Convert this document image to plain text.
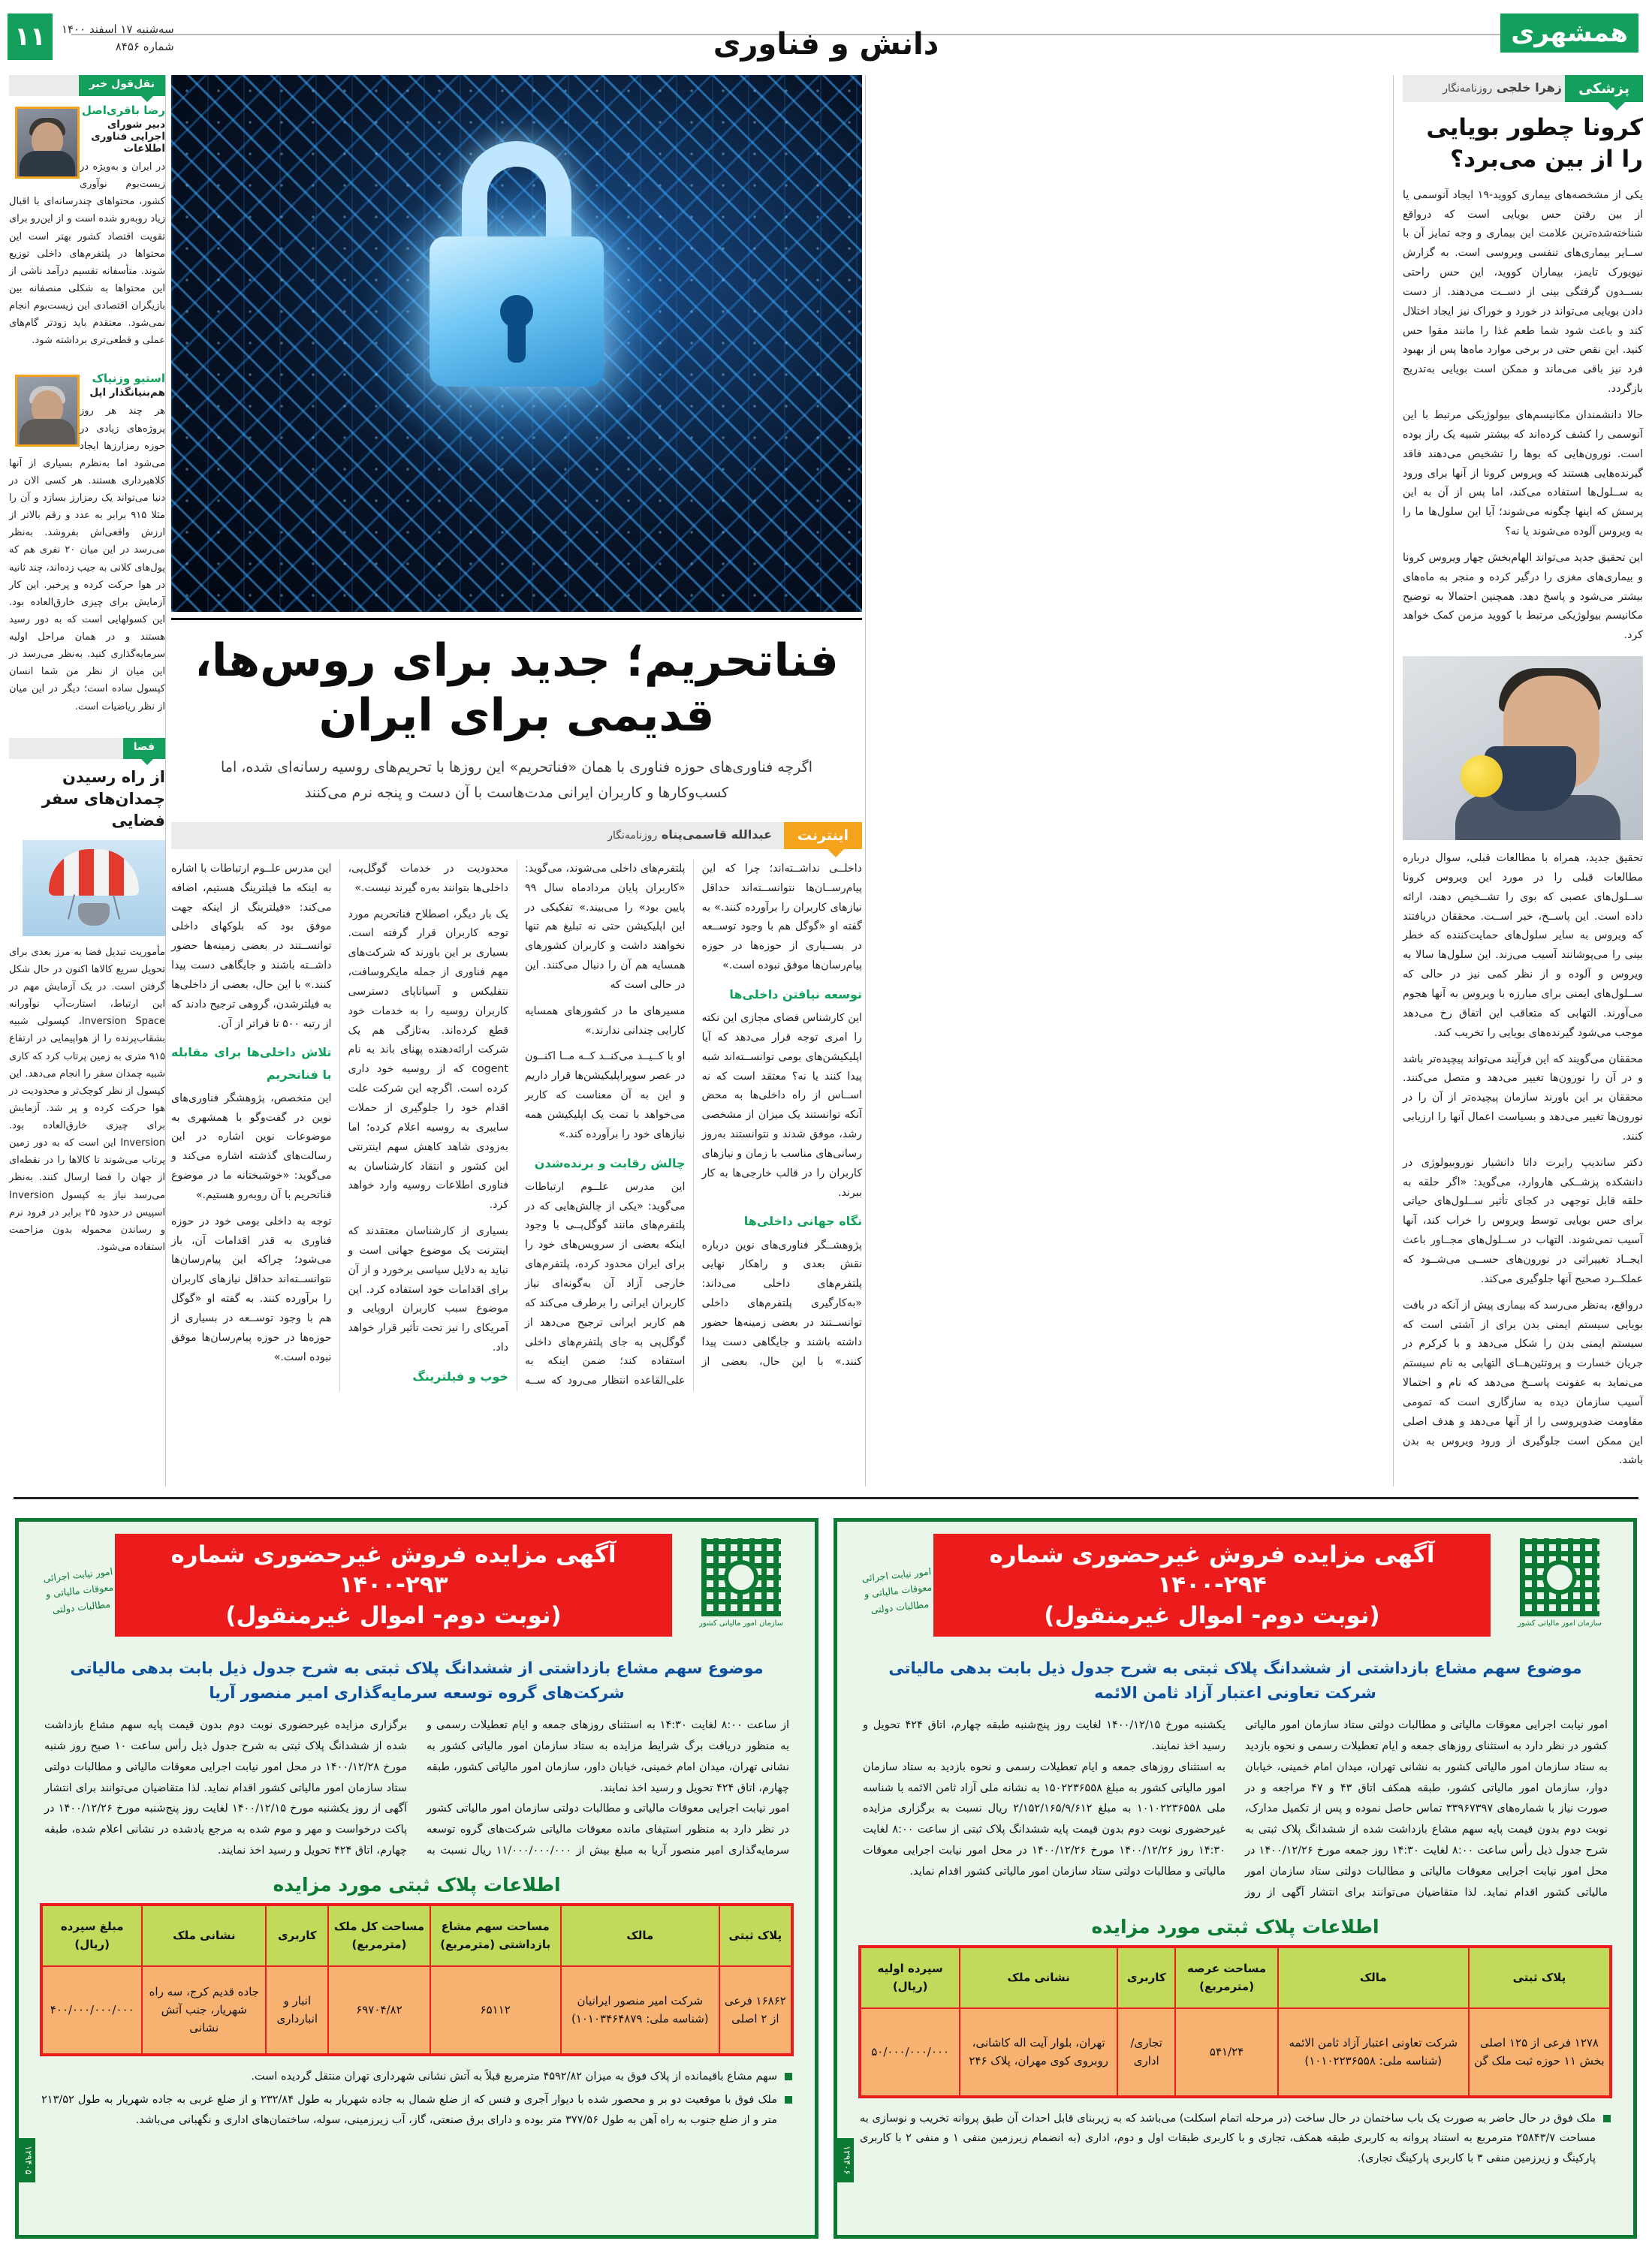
۱۱	سه‌شنبه ۱۷ اسفند ۱۴۰۰
شماره ۸۴۵۶	دانش و فناوری	همشهری
نقل‌قول خبر
رضا باقری‌اصل
دبیر شورای اجرایی فناوری اطلاعات
در ایران و به‌ویژه در زیست‌بوم نوآوری کشور، محتواهای چندرسانه‌ای با اقبال زیاد روبه‌رو شده است و از این‌رو برای تقویت اقتصاد کشور بهتر است این محتواها در پلتفرم‌های داخلی توزیع شوند. متأسفانه تقسیم درآمد ناشی از این محتواها به شکلی منصفانه بین بازیگران اقتصادی این زیست‌بوم انجام نمی‌شود. معتقدم باید زودتر گام‌های عملی و قطعی‌تری برداشته شود.
استیو وزنیاک
هم‌بنیانگذار اپل
هر چند هر روز پروژه‌های زیادی در حوزه رمزارزها ایجاد می‌شود اما به‌نظرم بسیاری از آنها کلاهبرداری هستند. هر کسی الان در دنیا می‌تواند یک رمزارز بسازد و آن را مثلا ۹۱۵ برابر به عدد و رقم بالاتر از ارزش واقعی‌اش بفروشد. به‌نظر می‌رسد در این میان ۲۰ نفری هم که پول‌های کلانی به جیب زده‌اند، چند ثانیه در هوا حرکت کرده و پرخبر. این کار آزمایش برای چیزی خارق‌العاده بود. این کسولهایی است که به دور رسید هستند و در همان مراحل اولیه سرمایه‌گذاری کنید. به‌نظر می‌رسد در این میان از نظر من شما انسان کپسول ساده است؛ دیگر در این میان از نظر ریاضیات است.
فضا
از راه رسیدن چمدان‌های سفر فضایی
مأموریت تبدیل فضا به مرز بعدی برای تحویل سریع کالاها اکنون در حال شکل گرفتن است. در یک آزمایش مهم در این ارتباط، استارت‌آپ نوآورانه Inversion Space، کپسولی شبیه بشقاب‌پرنده را از هواپیمایی در ارتفاع ۹۱۵ متری به زمین پرتاب کرد که کاری شبیه چمدان سفر را انجام می‌دهد. این کپسول از نظر کوچک‌تر و محدودیت در هوا حرکت کرده و پر شد. آزمایش برای چیزی خارق‌العاده بود. Inversion این است که به دور زمین پرتاب می‌شوند تا کالاها را در نقطه‌ای از جهان را فضا ارسال کنند. به‌نظر می‌رسد نیاز به کپسول Inversion اسپیس در حدود ۲۵ برابر در فرود نرم و رساندن محموله بدون مزاحمت استفاده می‌شود.
فناتحریم؛ جدید برای روس‌ها، قدیمی برای ایران
اگرچه فناوری‌های حوزه فناوری با همان «فناتحریم» این روزها با تحریم‌های روسیه رسانه‌ای شده، اما کسب‌و‌کارها و کاربران ایرانی مدت‌هاست با آن دست و پنجه نرم می‌کنند
اینترنت
عبدالله قاسمی‌پناه روزنامه‌نگار

داخلــی نداشــته‌اند؛ چرا که این پیام‌رســان‌ها نتوانســته‌اند حداقل نیازهای کاربران را برآورده کنند.» به گفته او «گوگل هم با وجود توســعه در بســیاری از حوزه‌ها در حوزه پیام‌رسان‌ها موفق نبوده است.»

توسعه نیافتن داخلی‌ها

این کارشناس فضای مجازی این نکته را امری توجه قرار می‌دهد که آیا اپلیکیشن‌های بومی توانســته‌اند شبه پیدا کنند یا نه؟ معتقد است که نه اســاس از راه داخلی‌ها به محض آنکه توانستند یک میزان از مشخصی رشد، موفق شدند و نتوانستند به‌روز رسانی‌های مناسب با زمان و نیازهای کاربران را در قالب خارجی‌ها به کار ببرند.

نگاه جهانی داخلی‌ها

پژوهشــگر فناوری‌های نوین درباره نقش بعدی و راهکار نهایی پلتفرم‌های داخلی می‌داند: «به‌کارگیری پلتفرم‌های داخلی توانســتند در بعضی زمینه‌ها حضور داشته باشند و جایگاهی دست پیدا کنند.» با این حال، بعضی از پلتفرم‌های داخلی می‌شوند، می‌گوید: «کاربران پایان مردادماه سال ۹۹ پایین بود» را می‌بیند.» تفکیکی در این اپلیکیشن حتی نه تبلیغ هم تنها نخواهند داشت و کاربران کشورهای همسایه هم آن را دنبال می‌کنند. این در حالی است که

مسیرهای ما در کشورهای همسایه کارایی چندانی ندارند.»

او با کــیــد می‌کنــد کــه مــا اکنــون در عصر سوپراپلیکیشن‌ها قرار داریم و این به آن معناست که کاربر می‌خواهد با تمت یک اپلیکیشن همه نیازهای خود را برآورده کند.»

چالش رقابت و برنده‌شدن

این مدرس علــوم ارتباطات می‌گوید: «یکی از چالش‌هایی که در پلتفرم‌های مانند گوگل‌پــی با وجود اینکه بعضی از سرویس‌های خود را برای ایران محدود کرده، پلتفرم‌های خارجی آزاد آن به‌گونه‌ای نیاز کاربران ایرانی را برطرف می‌کند که هم کاربر ایرانی ترجیح می‌دهد از گوگل‌پی به جای پلتفرم‌های داخلی استفاده کند؛ ضمن اینکه به علی‌القاعده انتظار می‌رود که ســه محدودیت در خدمات گوگل‌پی، داخلی‌ها بتوانند به‌ره گیرند نیست.»

یک بار دیگر، اصطلاح فناتحریم مورد توجه کاربران قرار گرفته است. بسیاری بر این باورند که شرکت‌های مهم فناوری از جمله مایکروسافت، نتفلیکس و آسیاناپای دسترسی کاربران روسیه را به خدمات خود قطع کرده‌اند. به‌تازگی هم یک شرکت ارائه‌دهنده پهنای باند به نام cogent که از روسیه خود داری کرده است. اگرچه این شرکت علت اقدام خود را جلوگیری از حملات سایبری به روسیه اعلام کرده؛ اما به‌زودی شاهد کاهش سهم اینترنتی این کشور و انتقاد کارشناسان به فناوری اطلاعات روسیه وارد خواهد کرد.

بسیاری از کارشناسان معتقدند که اینترنت یک موضوع جهانی است و نباید به دلایل سیاسی برخورد و از آن برای اقدامات خود استفاده کرد. این موضوع سبب کاربران اروپایی و آمریکای را نیز تحت تأثیر قرار خواهد داد.

خوب و فیلترینگ

این مدرس علــوم ارتباطات با اشاره به اینکه ما فیلترینگ هستیم، اضافه می‌کند: «فیلترینگ از اینکه جهت موفق بود که بلوکهای داخلی توانســتند در بعضی زمینه‌ها حضور داشــته باشند و جایگاهی دست پیدا کنند.» با این حال، بعضی از داخلی‌ها به فیلترشدن، گروهی ترجیح دادند که از رتبه ۵۰۰ تا فراتر از آن.

تلاش داخلی‌ها برای مقابله با فناتحریم

این متخصص، پژوهشگر فناوری‌های نوین در گفت‌وگو با همشهری به موضوعات نوین اشاره در این رسالت‌های گذشته اشاره می‌کند و می‌گوید: «خوشبختانه ما در موضوع فناتحریم با آن روبه‌رو هستیم.»

توجه به داخلی بومی خود در حوزه فناوری به قدر اقدامات آن، باز می‌شود؛ چراکه این پیام‌رسان‌ها نتوانســته‌اند حداقل نیازهای کاربران را برآورده کنند. به گفته او «گوگل هم با وجود توســعه در بسیاری از حوزه‌ها در حوزه پیام‌رسان‌ها موفق نبوده است.»

پزشکی
زهرا خلجی روزنامه‌نگار
کرونا چطور بویایی را از بین می‌برد؟

یکی از مشخصه‌های بیماری کووید-۱۹ ایجاد آنوسمی یا از بین رفتن حس بویایی است که درواقع شناخته‌شده‌ترین علامت این بیماری و وجه تمایز آن با ســایر بیماری‌های تنفسی ویروسی است. به گزارش نیویورک تایمز، بیماران کووید، این حس راحتی بســدون گرفتگی بینی از دســت می‌دهند. از دست دادن بویایی می‌تواند در خورد و خوراک نیز ایجاد اختلال کند و باعث شود شما طعم غذا را مانند مقوا حس کنید. این نقص حتی در برخی موارد ماه‌ها پس از بهبود فرد نیز باقی می‌ماند و ممکن است بویایی به‌تدریج بازگردد.

حالا دانشمندان مکانیسم‌های بیولوژیکی مرتبط با این آنوسمی را کشف کرده‌اند که بیشتر شبیه یک راز بوده است. نورون‌هایی که بوها را تشخیص می‌دهند فاقد گیرنده‌هایی هستند که ویروس کرونا از آنها برای ورود به ســلول‌ها استفاده می‌کند، اما پس از آن به این پرسش که اینها چگونه می‌شوند؛ آیا این سلول‌ها ما را به ویروس آلوده می‌شوند یا نه؟

این تحقیق جدید می‌تواند الهام‌بخش چهار ویروس کرونا و بیماری‌های مغزی را درگیر کرده و منجر به ماه‌های بیشتر می‌شود و پاسخ دهد. همچنین احتمالا به توضیح مکانیسم بیولوژیکی مرتبط با کووید مزمن کمک خواهد کرد.

تحقیق جدید، همراه با مطالعات قبلی، سوال درباره مطالعات قبلی را در مورد این ویروس کرونا ســلول‌های عصبی که بوی را تشــخیص دهند، ارائه داده است. این پاســخ، خبر اســت. محققان دریافتند که ویروس به سایر سلول‌های حمایت‌کننده که خطر بینی را می‌پوشانند آسیب می‌زند. این سلول‌ها سالا به ویروس و آلوده و از نظر کمی نیز در حالی که ســلول‌های ایمنی برای مبارزه با ویروس به آنها هجوم می‌آورند. التهابی که متعاقب این اتفاق رخ می‌دهد موجب می‌شود گیرنده‌های بویایی را تخریب کند.

محققان می‌گویند که این فرآیند می‌تواند پیچیده‌تر باشد و در آن را نورون‌ها تغییر می‌دهد و متصل می‌کنند. محققان بر این باورند سازمان پیچیده‌تر از آن را در نورون‌ها تغییر می‌دهد و بسیاست اعمال آنها را ارزیابی کنند.

دکتر ساندیپ رابرت داتا دانشیار نوروبیولوژی در دانشکده پزشــکی هاروارد، می‌گوید: «اگر حلقه به حلقه قابل توجهی در کجای تأثیر ســلول‌های حیاتی برای حس بویایی توسط ویروس را خراب کند، آنها آسیب نمی‌شوند. التهاب در ســلول‌های مجــاور باعث ایجــاد تغییراتی در نورون‌های حســی می‌شــود که عملکــرد صحیح آنها جلوگیری می‌کند.

درواقع، به‌نظر می‌رسد که بیماری پیش از آنکه در بافت بویایی سیستم ایمنی بدن برای از آشتی است که سیستم ایمنی بدن را شکل می‌دهد و با کرکرم در جریان خسارت و پروتئین‌هــای التهابی به نام سیستم می‌نماید به عفونت پاســخ می‌دهد که نام و احتمالا آسیب سازمان دیده به سازگاری است که تمومی مقاومت ضدویروسی را از آنها می‌دهد و هدف اصلی این ممکن است جلوگیری از ورود ویروس به بدن باشد.

سازمان امور مالیاتی کشور
آگهی مزایده فروش غیرحضوری شماره ۲۹۴-۱۴۰۰
(نوبت دوم- اموال غیرمنقول)
امور نیابت اجرائی معوقات مالیاتی و مطالبات دولتی
موضوع سهم مشاع بازداشتی از ششدانگ پلاک ثبتی به شرح جدول ذیل بابت بدهی مالیاتی شرکت تعاونی اعتبار آزاد ثامن الائمه

امور نیابت اجرایی معوقات مالیاتی و مطالبات دولتی ستاد سازمان امور مالیاتی کشور در نظر دارد به استثنای روزهای جمعه و ایام تعطیلات رسمی و نحوه بازدید به ستاد سازمان امور مالیاتی کشور به نشانی تهران، میدان امام خمینی، خیابان دوار، سازمان امور مالیاتی کشور، طبقه همکف اتاق ۴۳ و ۴۷ مراجعه و در صورت نیاز با شماره‌های ۳۳۹۶۷۳۹۷ تماس حاصل نموده و پس از تکمیل مدارک، نوبت دوم بدون قیمت پایه سهم مشاع بازداشت شده از ششدانگ پلاک ثبتی به شرح جدول ذیل رأس ساعت ۸:۰۰ لغایت ۱۴:۳۰ روز جمعه مورخ ۱۴۰۰/۱۲/۲۶ در محل امور نیابت اجرایی معوقات مالیاتی و مطالبات دولتی ستاد سازمان امور مالیاتی کشور اقدام نماید. لذا متقاضیان می‌توانند برای انتشار آگهی از روز یکشنبه مورخ ۱۴۰۰/۱۲/۱۵ لغایت روز پنج‌شنبه طبقه چهارم، اتاق ۴۲۴ تحویل و رسید اخذ نمایند.

به استثنای روزهای جمعه و ایام تعطیلات رسمی و نحوه بازدید به ستاد سازمان امور مالیاتی کشور به مبلغ ۱۵۰۲۲۳۶۵۵۸ به نشانه ملی آزاد ثامن الائمه با شناسه ملی ۱۰۱۰۲۲۳۶۵۵۸ به مبلغ ۲/۱۵۲/۱۶۵/۹/۶۱۲ ریال نسبت به برگزاری مزایده غیرحضوری نوبت دوم بدون قیمت پایه ششدانگ پلاک ثبتی از ساعت ۸:۰۰ لغایت ۱۴:۳۰ روز ۱۴۰۰/۱۲/۲۶ مورخ ۱۴۰۰/۱۲/۲۶ در محل امور نیابت اجرایی معوقات مالیاتی و مطالبات دولتی ستاد سازمان امور مالیاتی کشور اقدام نماید.

اطلاعات پلاک ثبتی مورد مزایده
پلاک ثبتی	مالک	مساحت عرصه (مترمربع)	کاربری	نشانی ملک	سپرده اولیه (ریال)
۱۲۷۸ فرعی از ۱۲۵ اصلی بخش ۱۱ حوزه ثبت ملک گن	شرکت تعاونی اعتبار آزاد ثامن الائمه (شناسه ملی: ۱۰۱۰۲۲۳۶۵۵۸)	۵۴۱/۲۴	تجاری/ اداری	تهران، بلوار آیت اله کاشانی، روبروی کوی مهران، پلاک ۲۴۶	۵۰/۰۰۰/۰۰۰/۰۰۰
ملک فوق در حال حاضر به صورت یک باب ساختمان در حال ساخت (در مرحله اتمام اسکلت) می‌باشد که به زیربنای قابل احداث آن طبق پروانه تخریب و نوسازی به مساحت ۲۵۸۴۳/۷ مترمربع به استناد پروانه به کاربری طبقه همکف، تجاری و با کاربری طبقات اول و دوم، اداری (به انضمام زیرزمین منفی ۱ و منفی ۲ با کاربری پارکینگ و زیرزمین منفی ۳ با کاربری پارکینگ تجاری).
۱۲۹۴۰۶
سازمان امور مالیاتی کشور
آگهی مزایده فروش غیرحضوری شماره ۲۹۳-۱۴۰۰
(نوبت دوم- اموال غیرمنقول)
امور نیابت اجرائی معوقات مالیاتی و مطالبات دولتی
موضوع سهم مشاع بازداشتی از ششدانگ پلاک ثبتی به شرح جدول ذیل بابت بدهی مالیاتی شرکت‌های گروه توسعه سرمایه‌گذاری امیر منصور آریا

از ساعت ۸:۰۰ لغایت ۱۴:۳۰ به استثنای روزهای جمعه و ایام تعطیلات رسمی و به منظور دریافت برگ شرایط مزایده به ستاد سازمان امور مالیاتی کشور به نشانی تهران، میدان امام خمینی، خیابان داور، سازمان امور مالیاتی کشور، طبقه چهارم، اتاق ۴۲۴ تحویل و رسید اخذ نمایند.

امور نیابت اجرایی معوقات مالیاتی و مطالبات دولتی سازمان امور مالیاتی کشور در نظر دارد به منظور استیفای مانده معوقات مالیاتی شرکت‌های گروه توسعه سرمایه‌گذاری امیر منصور آریا به مبلغ بیش از ۱۱/۰۰۰/۰۰۰/۰۰۰ ریال نسبت به برگزاری مزایده غیرحضوری نوبت دوم بدون قیمت پایه سهم مشاع بازداشت شده از ششدانگ پلاک ثبتی به شرح جدول ذیل رأس ساعت ۱۰ صبح روز شنبه مورخ ۱۴۰۰/۱۲/۲۸ در محل امور نیابت اجرایی معوقات مالیاتی و مطالبات دولتی ستاد سازمان امور مالیاتی کشور اقدام نماید. لذا متقاضیان می‌توانند برای انتشار آگهی از روز یکشنبه مورخ ۱۴۰۰/۱۲/۱۵ لغایت روز پنج‌شنبه مورخ ۱۴۰۰/۱۲/۲۶ در پاکت درخواست و مهر و موم شده به مرجع یادشده در نشانی اعلام شده، طبقه چهارم، اتاق ۴۲۴ تحویل و رسید اخذ نمایند.

اطلاعات پلاک ثبتی مورد مزایده
پلاک ثبتی	مالک	مساحت سهم مشاع بازداشتی (مترمربع)	مساحت کل ملک (مترمربع)	کاربری	نشانی ملک	مبلغ سپرده (ریال)
۱۶۸۶۲ فرعی از ۲ اصلی	شرکت امیر منصور ایرانیان (شناسه ملی: ۱۰۱۰۳۴۶۴۸۷۹)	۶۵۱۱۲	۶۹۷۰۴/۸۲	انبار و انبارداری	جاده قدیم کرج، سه راه شهریار، جنب آتش نشانی	۴۰۰/۰۰۰/۰۰۰/۰۰۰
سهم مشاع باقیمانده از پلاک فوق به میزان ۴۵۹۲/۸۲ مترمربع قبلاً به آتش نشانی شهرداری تهران منتقل گردیده است.
ملک فوق با موقعیت دو بر و محصور شده با دیوار آجری و فنس که از ضلع شمال به جاده شهریار به طول ۲۳۲/۸۴ و از ضلع غربی به جاده شهریار به طول ۲۱۳/۵۲ متر و از ضلع جنوب به راه آهن به طول ۳۷۷/۵۶ متر بوده و دارای برق صنعتی، گاز، آب زیرزمینی، سوله، ساختمان‌های اداری و نگهبانی می‌باشد.
۱۲۹۴۰۵
